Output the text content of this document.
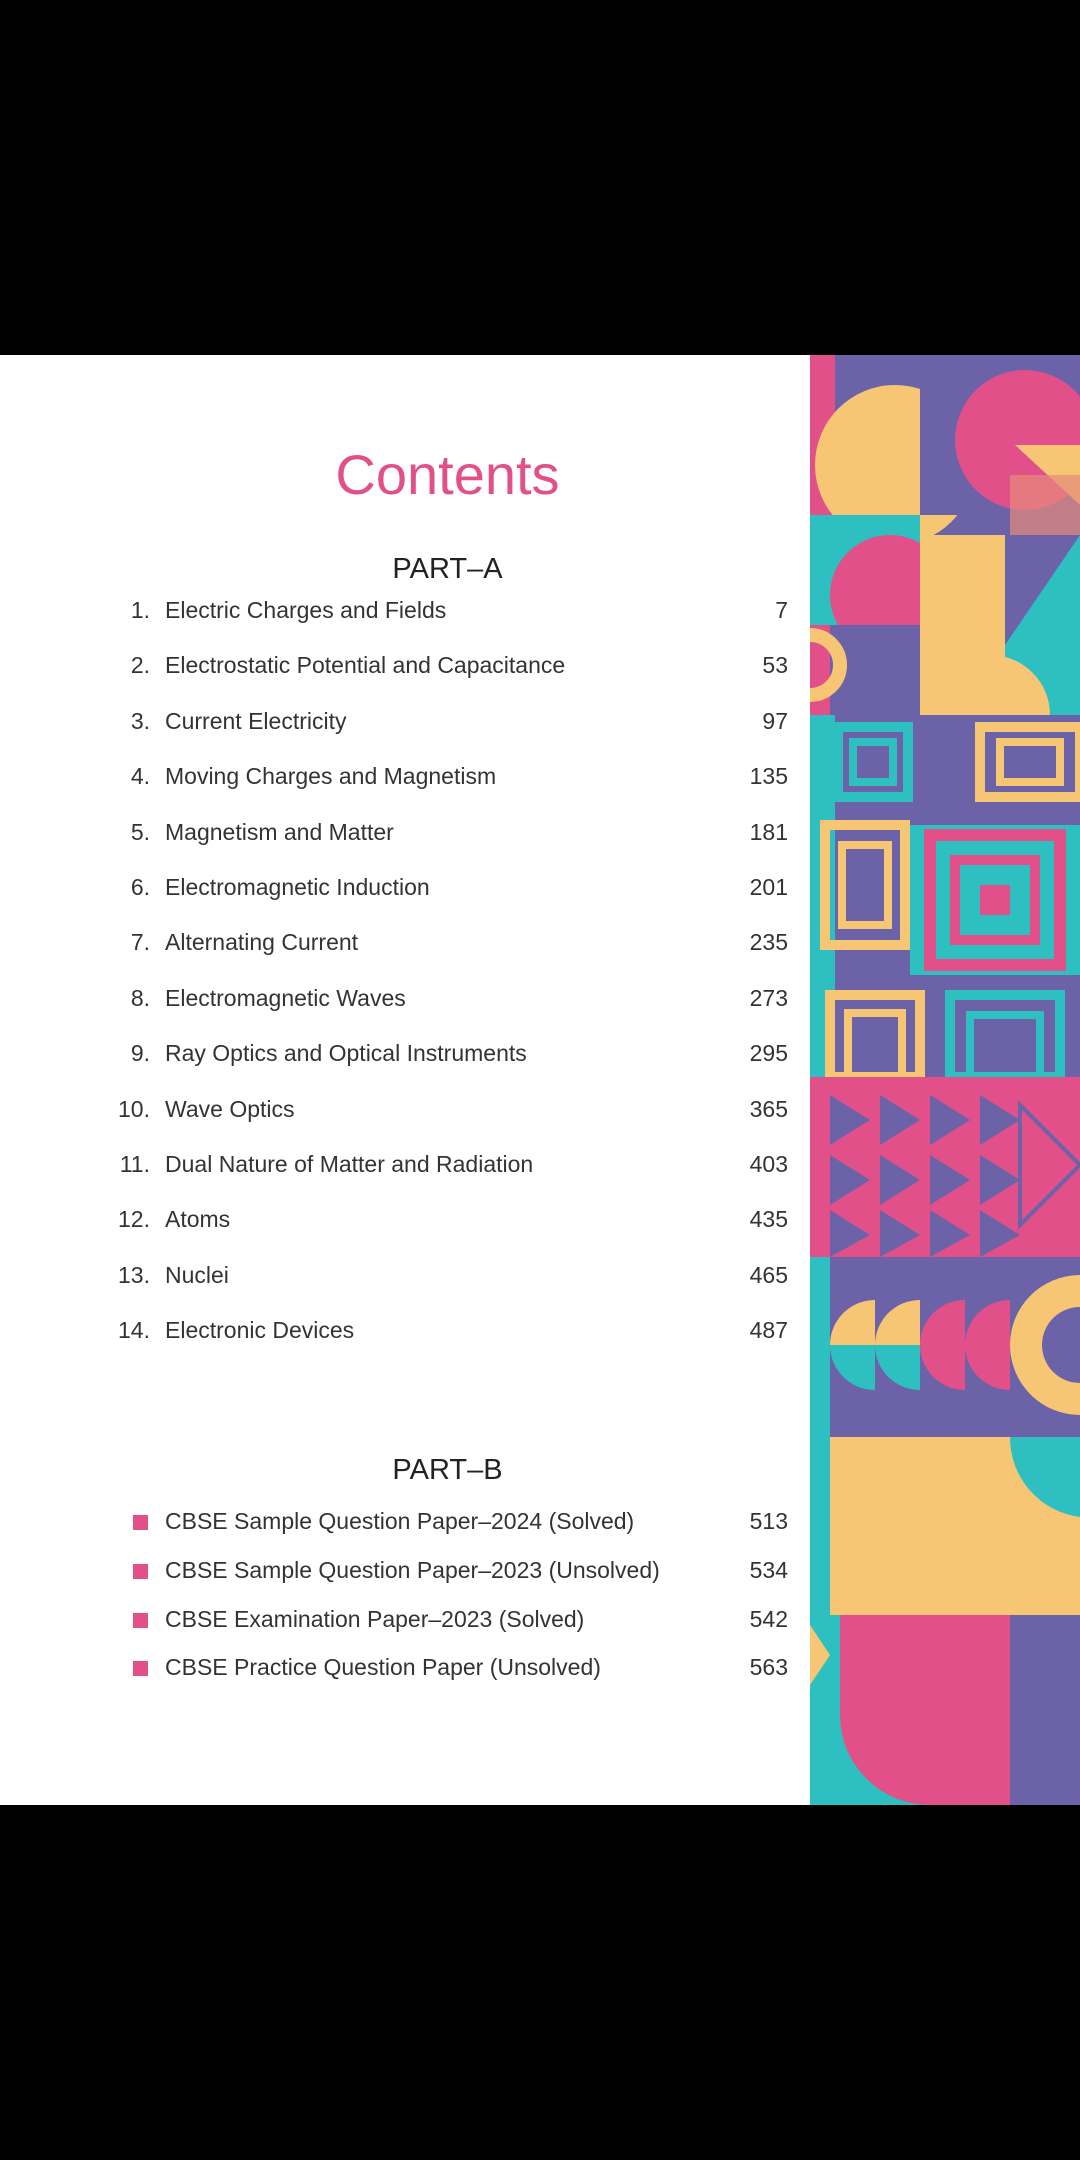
Contents
PART–A
1. Electric Charges and Fields	7
2. Electrostatic Potential and Capacitance	53
3. Current Electricity	97
4. Moving Charges and Magnetism	135
5. Magnetism and Matter	181
6. Electromagnetic Induction	201
7. Alternating Current	235
8. Electromagnetic Waves	273
9. Ray Optics and Optical Instruments	295
10. Wave Optics	365
11. Dual Nature of Matter and Radiation	403
12. Atoms	435
13. Nuclei	465
14. Electronic Devices	487
PART–B
CBSE Sample Question Paper–2024 (Solved)	513
CBSE Sample Question Paper–2023 (Unsolved)	534
CBSE Examination Paper–2023 (Solved)	542
CBSE Practice Question Paper (Unsolved)	563
